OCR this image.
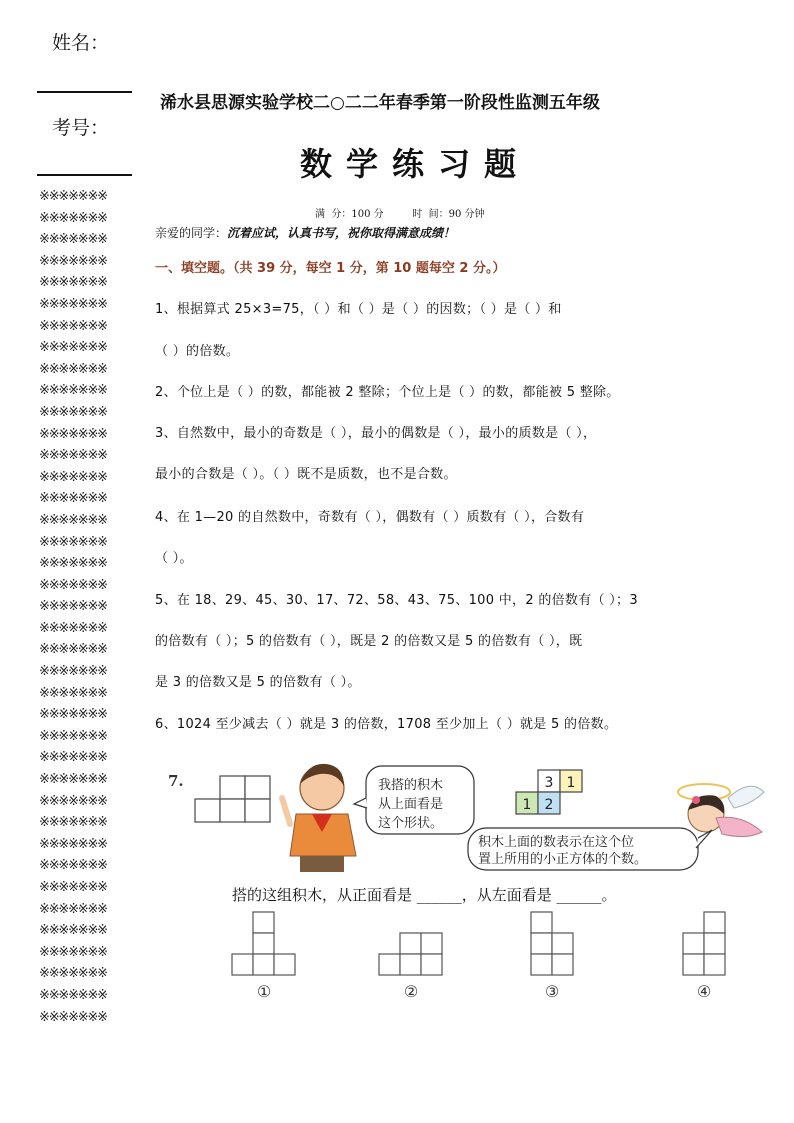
姓名：
考号：
※※※※※※※
※※※※※※※
※※※※※※※
※※※※※※※
※※※※※※※
※※※※※※※
※※※※※※※
※※※※※※※
※※※※※※※
※※※※※※※
※※※※※※※
※※※※※※※
※※※※※※※
※※※※※※※
※※※※※※※
※※※※※※※
※※※※※※※
※※※※※※※
※※※※※※※
※※※※※※※
※※※※※※※
※※※※※※※
※※※※※※※
※※※※※※※
※※※※※※※
※※※※※※※
※※※※※※※
※※※※※※※
※※※※※※※
※※※※※※※
※※※※※※※
※※※※※※※
※※※※※※※
※※※※※※※
※※※※※※※
※※※※※※※
※※※※※※※
※※※※※※※
※※※※※※※
浠水县思源实验学校二○二二年春季第一阶段性监测五年级
数学练习题
满  分：100 分         时  间：90 分钟
亲爱的同学：沉着应试，认真书写，祝你取得满意成绩！
一、填空题。（共 39 分，每空 1 分，第 10 题每空 2 分。）
1、根据算式 25×3=75，（ ）和（ ）是（ ）的因数；（ ）是（ ）和
（ ）的倍数。
2、个位上是（ ）的数，都能被 2 整除；个位上是（ ）的数，都能被 5 整除。
3、自然数中，最小的奇数是（ ），最小的偶数是（ ），最小的质数是（ ），
最小的合数是（ ）。（ ）既不是质数，也不是合数。
4、在 1—20 的自然数中，奇数有（ ），偶数有（ ）质数有（ ），合数有
（ ）。
5、在 18、29、45、30、17、72、58、43、75、100 中，2 的倍数有（ ）；3
的倍数有（ ）；5 的倍数有（ ），既是 2 的倍数又是 5 的倍数有（ ），既
是 3 的倍数又是 5 的倍数有（ ）。
6、1024 至少减去（ ）就是 3 的倍数，1708 至少加上（ ）就是 5 的倍数。
7.	我搭的积木
从上面看是
这个形状。
3 1
1 2
积木上面的数表示在这个位
置上所用的小正方体的个数。
搭的这组积木，从正面看是 ______，从左面看是 ______。
①	②	③	④
